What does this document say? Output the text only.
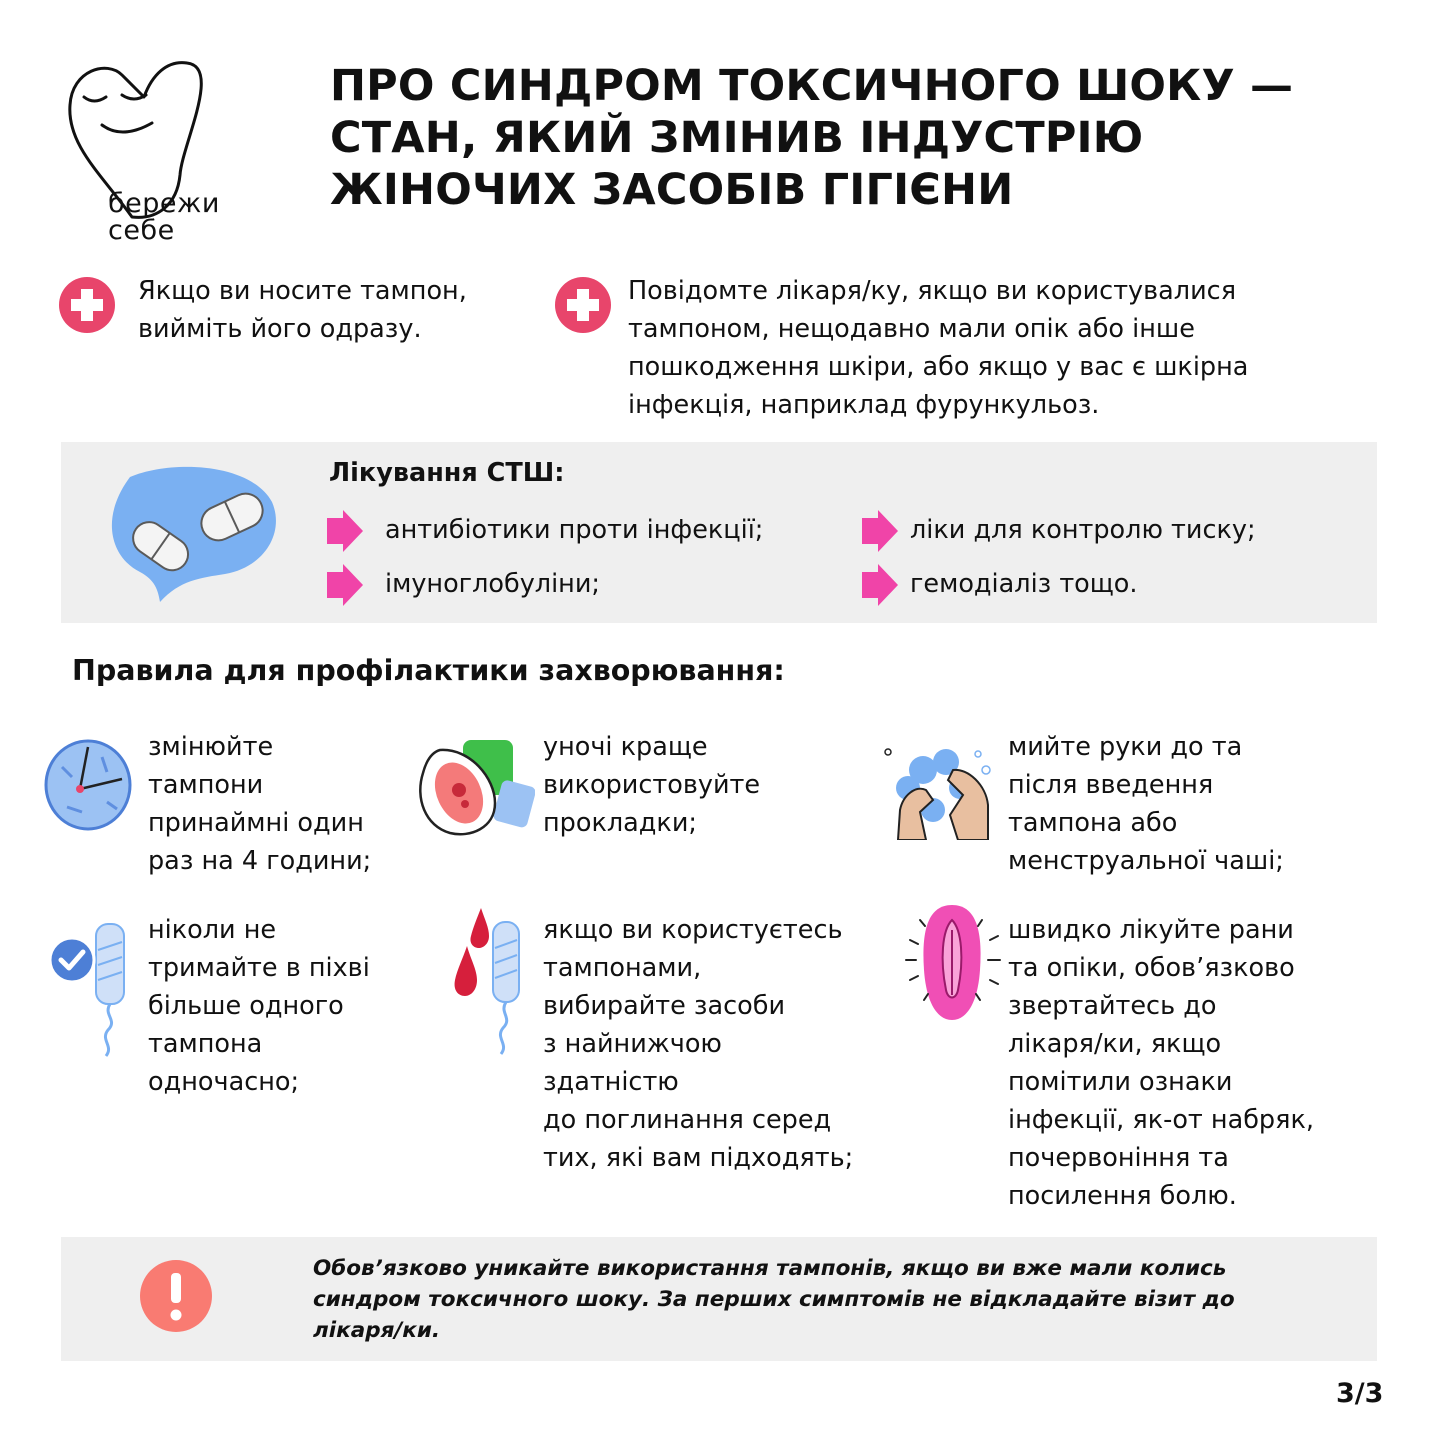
бережи
себе
ПРО СИНДРОМ ТОКСИЧНОГО ШОКУ —
СТАН, ЯКИЙ ЗМІНИВ ІНДУСТРІЮ
ЖІНОЧИХ ЗАСОБІВ ГІГІЄНИ
Якщо ви носите тампон,
вийміть його одразу.
Повідомте лікаря/ку, якщо ви користувалися
тампоном, нещодавно мали опік або інше
пошкодження шкіри, або якщо у вас є шкірна
інфекція, наприклад фурункульоз.
Лікування СТШ:
антибіотики проти інфекції;
імуноглобуліни;
ліки для контролю тиску;
гемодіаліз тощо.
Правила для профілактики захворювання:
змінюйте
тампони
принаймні один
раз на 4 години;
уночі краще
використовуйте
прокладки;
мийте руки до та
після введення
тампона або
менструальної чаші;
ніколи не
тримайте в піхві
більше одного
тампона
одночасно;
якщо ви користуєтесь
тампонами,
вибирайте засоби
з найнижчою
здатністю
до поглинання серед
тих, які вам підходять;
швидко лікуйте рани
та опіки, обов’язково
звертайтесь до
лікаря/ки, якщо
помітили ознаки
інфекції, як-от набряк,
почервоніння та
посилення болю.
Обов’язково уникайте використання тампонів, якщо ви вже мали колись
синдром токсичного шоку. За перших симптомів не відкладайте візит до
лікаря/ки.
3/3
